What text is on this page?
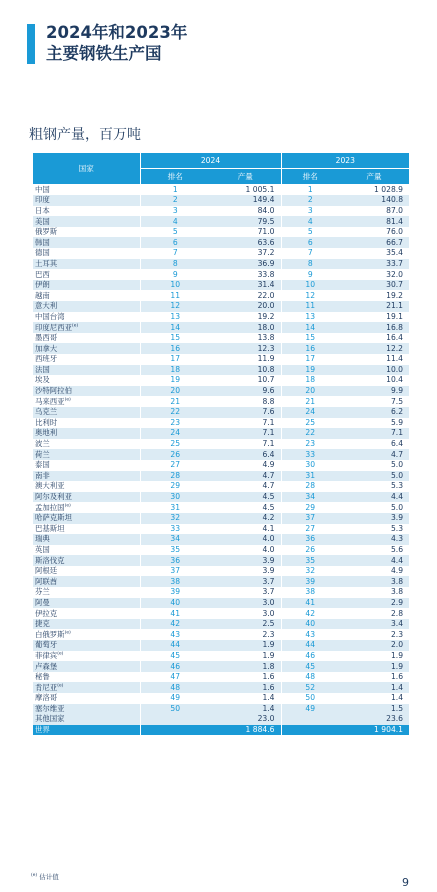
2024年和2023年
主要钢铁生产国
粗钢产量，百万吨
国家	2024		2023	
	排名	产量	排名	产量
中国	1	1 005.1	1	1 028.9
印度	2	149.4	2	140.8
日本	3	84.0	3	87.0
美国	4	79.5	4	81.4
俄罗斯	5	71.0	5	76.0
韩国	6	63.6	6	66.7
德国	7	37.2	7	35.4
土耳其	8	36.9	8	33.7
巴西	9	33.8	9	32.0
伊朗	10	31.4	10	30.7
越南	11	22.0	12	19.2
意大利	12	20.0	11	21.1
中国台湾	13	19.2	13	19.1
印度尼西亚$^{(e)}$	14	18.0	14	16.8
墨西哥	15	13.8	15	16.4
加拿大	16	12.3	16	12.2
西班牙	17	11.9	17	11.4
法国	18	10.8	19	10.0
埃及	19	10.7	18	10.4
沙特阿拉伯	20	9.6	20	9.9
马来西亚$^{(e)}$	21	8.8	21	7.5
乌克兰	22	7.6	24	6.2
比利时	23	7.1	25	5.9
奥地利	24	7.1	22	7.1
波兰	25	7.1	23	6.4
荷兰	26	6.4	33	4.7
泰国	27	4.9	30	5.0
南非	28	4.7	31	5.0
澳大利亚	29	4.7	28	5.3
阿尔及利亚	30	4.5	34	4.4
孟加拉国$^{(e)}$	31	4.5	29	5.0
哈萨克斯坦	32	4.2	37	3.9
巴基斯坦	33	4.1	27	5.3
瑞典	34	4.0	36	4.3
英国	35	4.0	26	5.6
斯洛伐克	36	3.9	35	4.4
阿根廷	37	3.9	32	4.9
阿联酋	38	3.7	39	3.8
芬兰	39	3.7	38	3.8
阿曼	40	3.0	41	2.9
伊拉克	41	3.0	42	2.8
捷克	42	2.5	40	3.4
白俄罗斯$^{(e)}$	43	2.3	43	2.3
葡萄牙	44	1.9	44	2.0
菲律宾$^{(e)}$	45	1.9	46	1.9
卢森堡	46	1.8	45	1.9
秘鲁	47	1.6	48	1.6
肯尼亚$^{(e)}$	48	1.6	52	1.4
摩洛哥	49	1.4	50	1.4
塞尔维亚	50	1.4	49	1.5
其他国家		23.0		23.6
世界		1 884.6		1 904.1
$^{(e)}$ 估计值	9
